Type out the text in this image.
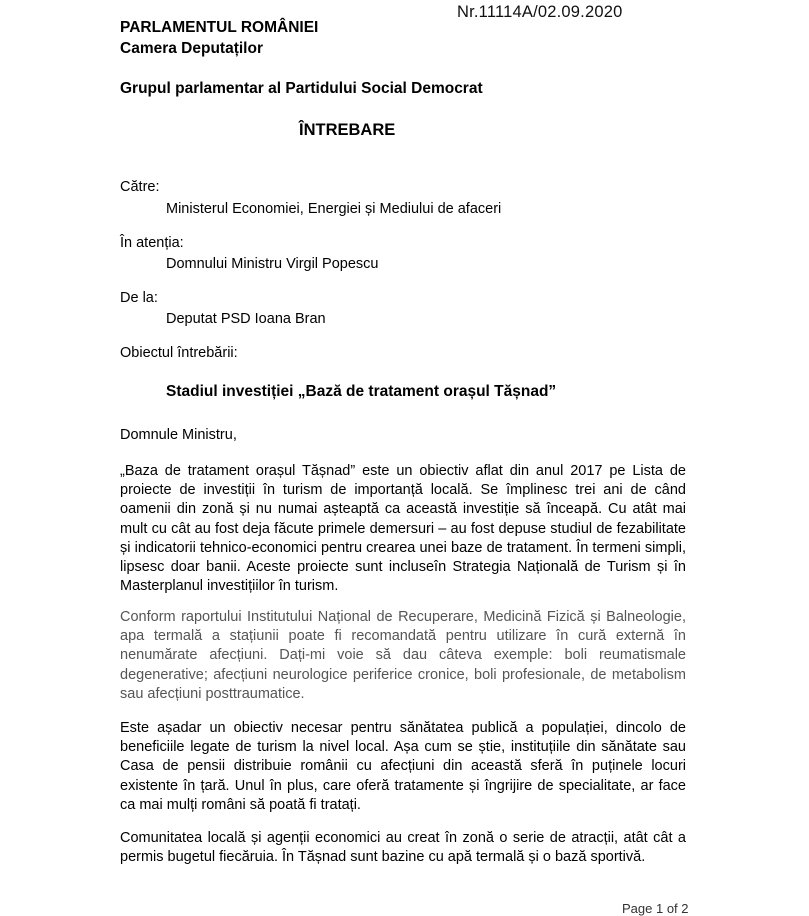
Nr.11114A/02.09.2020
PARLAMENTUL ROMÂNIEI
Camera Deputaților
Grupul parlamentar al Partidului Social Democrat
ÎNTREBARE
Către:
Ministerul Economiei, Energiei și Mediului de afaceri
În atenția:
Domnului Ministru Virgil Popescu
De la:
Deputat PSD Ioana Bran
Obiectul întrebării:
Stadiul investiției „Bază de tratament orașul Tășnad”
Domnule Ministru,
„Baza de tratament orașul Tășnad” este un obiectiv aflat din anul 2017 pe Lista de proiecte de investiții în turism de importanță locală. Se împlinesc trei ani de când oamenii din zonă și nu numai așteaptă ca această investiție să înceapă. Cu atât mai mult cu cât au fost deja făcute primele demersuri – au fost depuse studiul de fezabilitate și indicatorii tehnico-economici pentru crearea unei baze de tratament. În termeni simpli, lipsesc doar banii. Aceste proiecte sunt incluseîn Strategia Națională de Turism și în Masterplanul investițiilor în turism.
Conform raportului Institutului Național de Recuperare, Medicină Fizică și Balneologie, apa termală a stațiunii poate fi recomandată pentru utilizare în cură externă în nenumărate afecțiuni. Dați-mi voie să dau câteva exemple: boli reumatismale degenerative; afecțiuni neurologice periferice cronice, boli profesionale, de metabolism sau afecțiuni posttraumatice.
Este așadar un obiectiv necesar pentru sănătatea publică a populației, dincolo de beneficiile legate de turism la nivel local. Așa cum se știe, instituțiile din sănătate sau Casa de pensii distribuie românii cu afecțiuni din această sferă în puținele locuri existente în țară. Unul în plus, care oferă tratamente și îngrijire de specialitate, ar face ca mai mulți români să poată fi tratați.
Comunitatea locală și agenții economici au creat în zonă o serie de atracții, atât cât a permis bugetul fiecăruia. În Tășnad sunt bazine cu apă termală și o bază sportivă.
Page 1 of 2
